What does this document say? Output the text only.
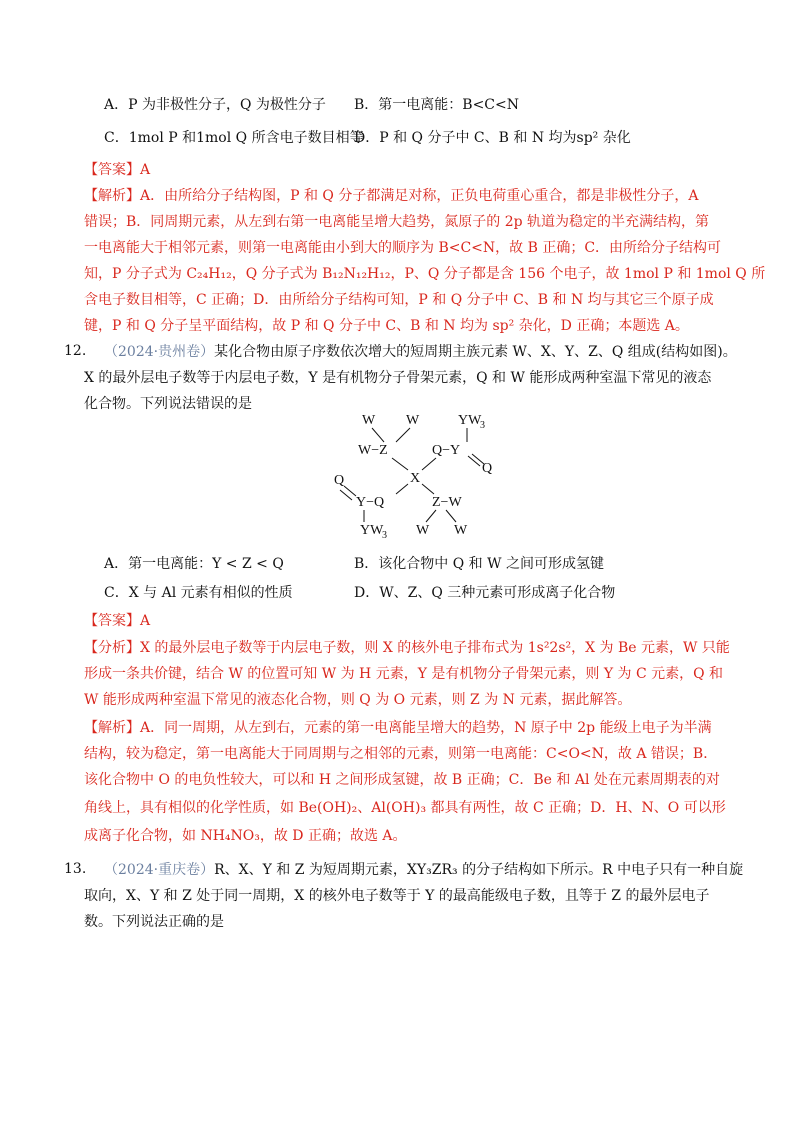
A．P 为非极性分子，Q 为极性分子 B．第一电离能：B<C<N
C．1mol P 和1mol Q 所含电子数目相等
D．P 和 Q 分子中 C、B 和 N 均为sp² 杂化
【答案】A
【解析】A．由所给分子结构图，P 和 Q 分子都满足对称，正负电荷重心重合，都是非极性分子，A
错误；B．同周期元素，从左到右第一电离能呈增大趋势，氮原子的 2p 轨道为稳定的半充满结构，第
一电离能大于相邻元素，则第一电离能由小到大的顺序为 B<C<N，故 B 正确；C．由所给分子结构可
知，P 分子式为 C₂₄H₁₂，Q 分子式为 B₁₂N₁₂H₁₂，P、Q 分子都是含 156 个电子，故 1mol P 和 1mol Q 所
含电子数目相等，C 正确；D．由所给分子结构可知，P 和 Q 分子中 C、B 和 N 均与其它三个原子成
键，P 和 Q 分子呈平面结构，故 P 和 Q 分子中 C、B 和 N 均为 sp² 杂化，D 正确；本题选 A。
12. （2024·贵州卷）某化合物由原子序数依次增大的短周期主族元素 W、X、Y、Z、Q 组成(结构如图)。
X 的最外层电子数等于内层电子数，Y 是有机物分子骨架元素，Q 和 W 能形成两种室温下常见的液态
化合物。下列说法错误的是
W W
W−Z
YW
3
Q−Y
Q
X
Q
Y−Q
YW
3
Z−W
W W
A．第一电离能：Y < Z < Q	B．该化合物中 Q 和 W 之间可形成氢键
C．X 与 Al 元素有相似的性质	D．W、Z、Q 三种元素可形成离子化合物
【答案】A
【分析】X 的最外层电子数等于内层电子数，则 X 的核外电子排布式为 1s²2s²，X 为 Be 元素，W 只能
形成一条共价键，结合 W 的位置可知 W 为 H 元素，Y 是有机物分子骨架元素，则 Y 为 C 元素，Q 和
W 能形成两种室温下常见的液态化合物，则 Q 为 O 元素，则 Z 为 N 元素，据此解答。
【解析】A．同一周期，从左到右，元素的第一电离能呈增大的趋势，N 原子中 2p 能级上电子为半满
结构，较为稳定，第一电离能大于同周期与之相邻的元素，则第一电离能：C<O<N，故 A 错误；B．
该化合物中 O 的电负性较大，可以和 H 之间形成氢键，故 B 正确；C．Be 和 Al 处在元素周期表的对
角线上，具有相似的化学性质，如 Be(OH)₂、Al(OH)₃ 都具有两性，故 C 正确；D．H、N、O 可以形
成离子化合物，如 NH₄NO₃，故 D 正确；故选 A。
13. （2024·重庆卷）R、X、Y 和 Z 为短周期元素，XY₃ZR₃ 的分子结构如下所示。R 中电子只有一种自旋
取向，X、Y 和 Z 处于同一周期，X 的核外电子数等于 Y 的最高能级电子数，且等于 Z 的最外层电子
数。下列说法正确的是
